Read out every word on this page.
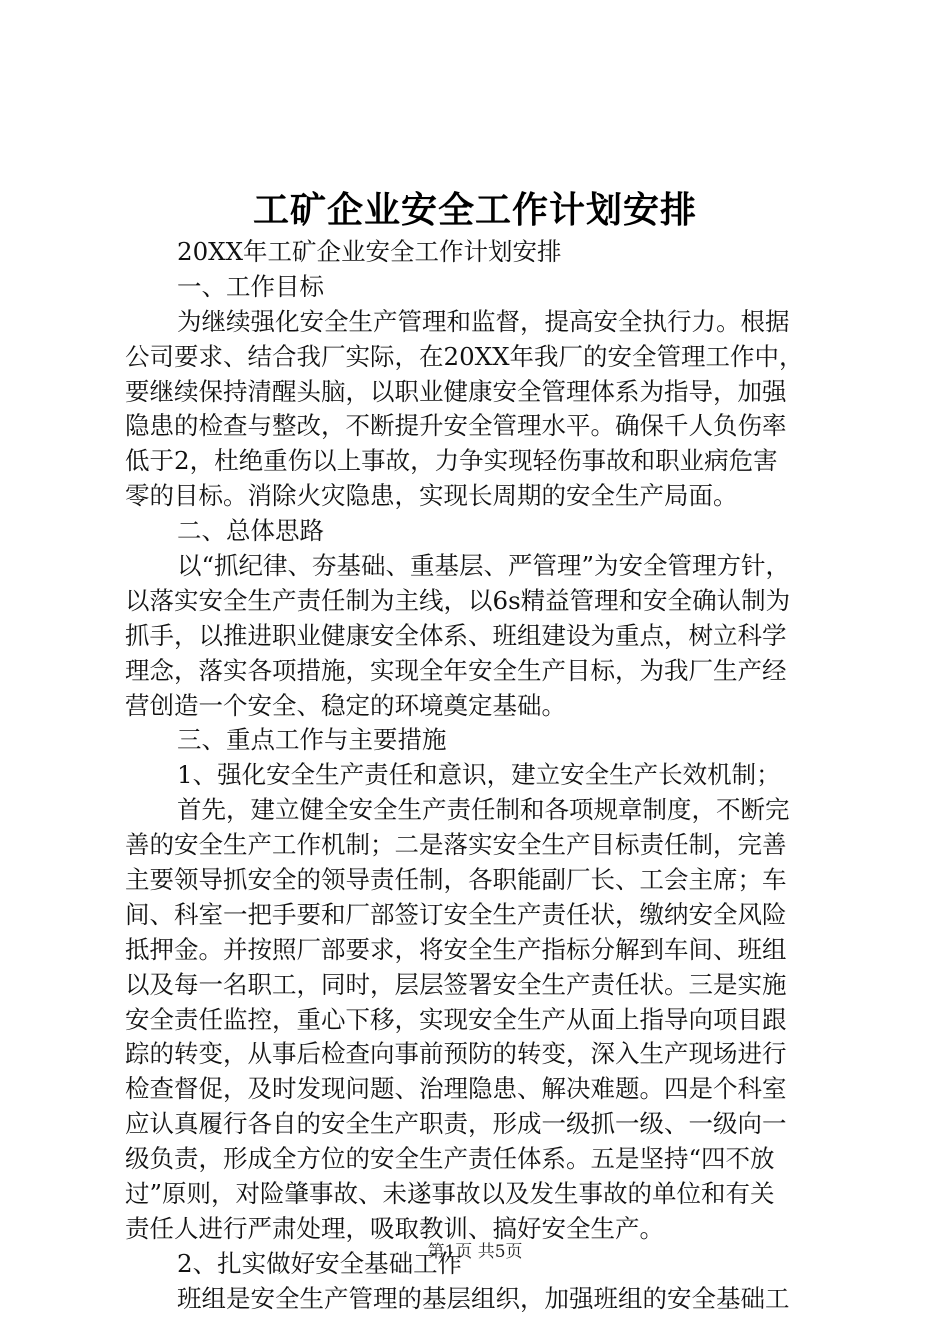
工矿企业安全工作计划安排
20XX年工矿企业安全工作计划安排
一、工作目标
为继续强化安全生产管理和监督，提高安全执行力。根据
公司要求、结合我厂实际，在20XX年我厂的安全管理工作中，
要继续保持清醒头脑，以职业健康安全管理体系为指导，加强
隐患的检查与整改，不断提升安全管理水平。确保千人负伤率
低于2，杜绝重伤以上事故，力争实现轻伤事故和职业病危害
零的目标。消除火灾隐患，实现长周期的安全生产局面。
二、总体思路
以“抓纪律、夯基础、重基层、严管理”为安全管理方针，
以落实安全生产责任制为主线，以6s精益管理和安全确认制为
抓手，以推进职业健康安全体系、班组建设为重点，树立科学
理念，落实各项措施，实现全年安全生产目标，为我厂生产经
营创造一个安全、稳定的环境奠定基础。
三、重点工作与主要措施
1、强化安全生产责任和意识，建立安全生产长效机制；
首先，建立健全安全生产责任制和各项规章制度，不断完
善的安全生产工作机制；二是落实安全生产目标责任制，完善
主要领导抓安全的领导责任制，各职能副厂长、工会主席；车
间、科室一把手要和厂部签订安全生产责任状，缴纳安全风险
抵押金。并按照厂部要求，将安全生产指标分解到车间、班组
以及每一名职工，同时，层层签署安全生产责任状。三是实施
安全责任监控，重心下移，实现安全生产从面上指导向项目跟
踪的转变，从事后检查向事前预防的转变，深入生产现场进行
检查督促，及时发现问题、治理隐患、解决难题。四是个科室
应认真履行各自的安全生产职责，形成一级抓一级、一级向一
级负责，形成全方位的安全生产责任体系。五是坚持“四不放
过”原则，对险肇事故、未遂事故以及发生事故的单位和有关
责任人进行严肃处理，吸取教训、搞好安全生产。
2、扎实做好安全基础工作
班组是安全生产管理的基层组织，加强班组的安全基础工
第1页 共5页
